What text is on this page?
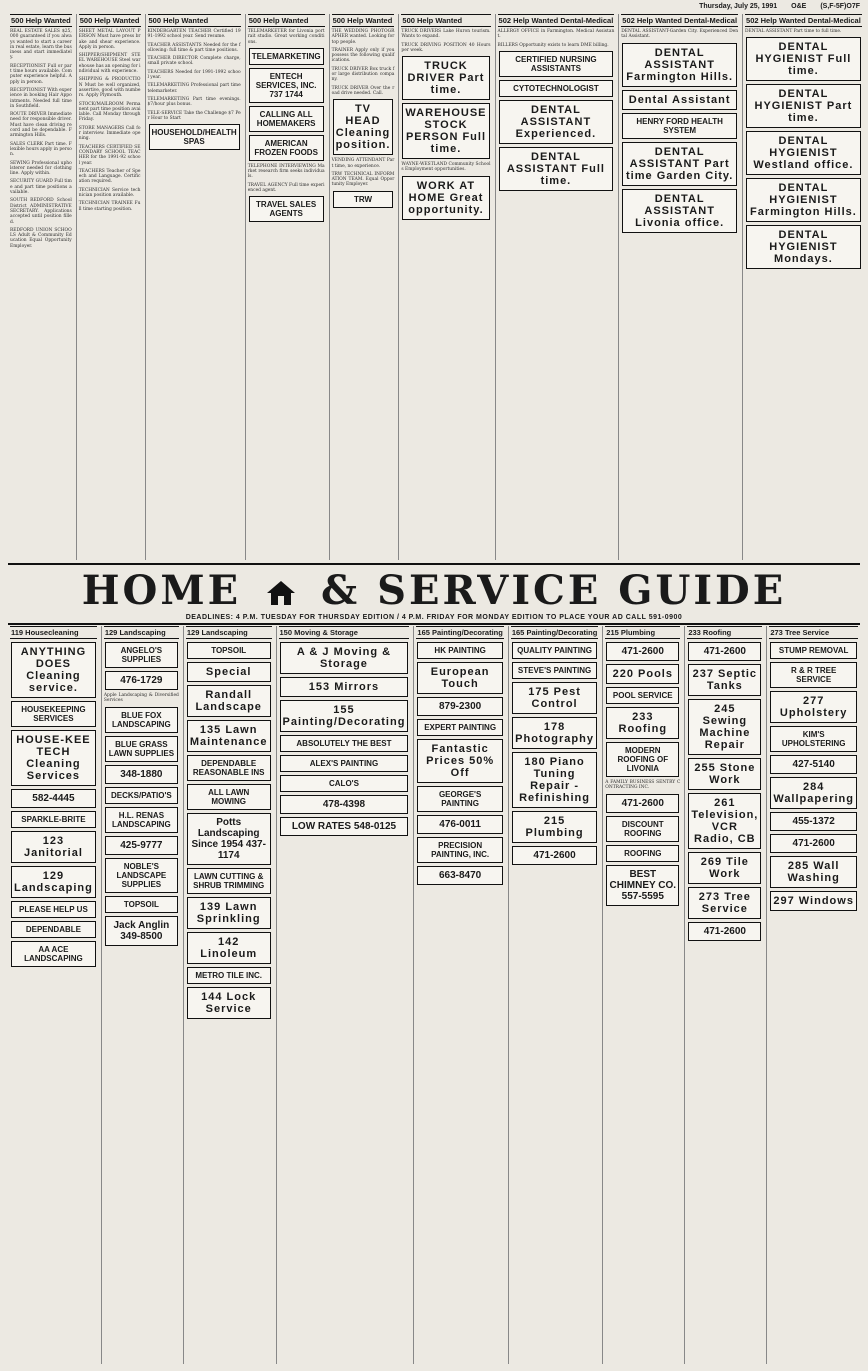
Thursday, July 25, 1991 O&E (S,F-5F)O7F
500 Help Wanted
REAL ESTATE SALES $25,000 guaranteed if you always wanted to start a career in real estate, learn the business and start immediately.
RECEPTIONIST Full or part time hours available. Computer experience helpful. Apply in person.
RECEPTIONIST With experience in booking Hair Appointments. Needed full time in Southfield.
ROUTE DRIVER Immediate need for responsible driver. Must have clean driving record and be dependable. Farmington Hills.
SALES CLERK Part time. Flexible hours apply in person.
SEWING Professional upholsterer needed for clothing line. Apply within.
SECURITY GUARD Full time and part time positions available.
SOUTH REDFORD School District ADMINISTRATIVE SECRETARY. Applications accepted until position filled.
REDFORD UNION SCHOOLS Adult & Community Education Equal Opportunity Employer.
500 Help Wanted
SHEET METAL LAYOUT PERSON Must have press brake and shear experience. Apply in person.
SHIPPER/SHIPMENT STEEL WAREHOUSE Steel warehouse has an opening for individual with experience.
SHIPPING & PRODUCTION Must be well organized, assertive, good with numbers. Apply Plymouth.
STOCK/MAILROOM Permanent part time position available. Call Monday through Friday.
STORE MANAGERS Call for interview. Immediate opening.
TEACHERS CERTIFIED SECONDARY SCHOOL TEACHER for the 1991-92 school year.
TEACHERS Teacher of Speech and Language. Certification required.
TECHNICIAN Service technician position available.
TECHNICIAN TRAINEE Full time starting position.
500 Help Wanted
KINDERGARTEN TEACHER Certified 1991-1992 school year. Send resume.
TEACHER ASSISTANTS Needed for the following: full time & part time positions.
TEACHER DIRECTOR Complete charge, small private school.
TEACHERS Needed for 1991-1992 school year.
TELEMARKETING Professional part time telemarketer.
TELEMARKETING Part time evenings. $7/hour plus bonus.
TELE-SERVICE Take the Challenge $7 Per Hour to Start
HOUSEHOLD/HEALTH SPAS
500 Help Wanted
TELEMARKETER for Livonia portrait studio. Great working conditions.
TELEMARKETING
ENTECH SERVICES, INC. 737 1744
CALLING ALL HOMEMAKERS
AMERICAN FROZEN FOODS
TELEPHONE INTERVIEWING Market research firm seeks individuals.
TRAVEL AGENCY Full time experienced agent.
TRAVEL SALES AGENTS
500 Help Wanted
THE WEDDING PHOTOGRAPHER wanted. Looking for top people.
TRAINER Apply only if you possess the following qualifications.
TRUCK DRIVER Box truck for large distribution company.
TRUCK DRIVER Over the road drive needed. Call.
TV HEAD Cleaning position.
VENDING ATTENDANT Part time, no experience.
TRW TECHNICAL INFORMATION TEAM. Equal Opportunity Employer.
TRW
500 Help Wanted
TRUCK DRIVERS Lake Huron tourism. Wants to expand.
TRUCK DRIVING POSITION 40 Hours per week.
TRUCK DRIVER Part time.
WAREHOUSE STOCK PERSON Full time.
WAYNE-WESTLAND Community Schools Employment opportunities.
WORK AT HOME Great opportunity.
502 Help Wanted Dental-Medical
ALLERGY OFFICE in Farmington. Medical Assistant.
BILLERS Opportunity exists to learn DME billing.
CERTIFIED NURSING ASSISTANTS
CYTOTECHNOLOGIST
DENTAL ASSISTANT Experienced.
DENTAL ASSISTANT Full time.
502 Help Wanted Dental-Medical
DENTAL ASSISTANT-Garden City. Experienced Dental Assistant.
DENTAL ASSISTANT Farmington Hills.
Dental Assistant
HENRY FORD HEALTH SYSTEM
DENTAL ASSISTANT Part time Garden City.
DENTAL ASSISTANT Livonia office.
502 Help Wanted Dental-Medical
DENTAL ASSISTANT Part time to full time.
DENTAL HYGIENIST Full time.
DENTAL HYGIENIST Part time.
DENTAL HYGIENIST Westland office.
DENTAL HYGIENIST Farmington Hills.
DENTAL HYGIENIST Mondays.
HOME & SERVICE GUIDE
DEADLINES: 4 P.M. TUESDAY FOR THURSDAY EDITION / 4 P.M. FRIDAY FOR MONDAY EDITION TO PLACE YOUR AD CALL 591-0900
119 Housecleaning
ANYTHING DOES Cleaning service.
HOUSEKEEPING SERVICES
HOUSE-KEE TECH Cleaning Services
582-4445
SPARKLE-BRITE
123 Janitorial
129 Landscaping
PLEASE HELP US
DEPENDABLE
AA ACE LANDSCAPING
129 Landscaping
ANGELO'S SUPPLIES
476-1729
Apple Landscaping & Diversified Services
BLUE FOX LANDSCAPING
BLUE GRASS LAWN SUPPLIES
348-1880
DECKS/PATIO'S
H.L. RENAS LANDSCAPING
425-9777
NOBLE'S LANDSCAPE SUPPLIES
TOPSOIL
Jack Anglin 349-8500
129 Landscaping
TOPSOIL
Special
Randall Landscape
135 Lawn Maintenance
DEPENDABLE REASONABLE INS
ALL LAWN MOWING
Potts Landscaping Since 1954 437-1174
LAWN CUTTING & SHRUB TRIMMING
139 Lawn Sprinkling
142 Linoleum
METRO TILE INC.
144 Lock Service
150 Moving & Storage
A & J Moving & Storage
153 Mirrors
155 Painting/Decorating
ABSOLUTELY THE BEST
ALEX'S PAINTING
CALO'S
478-4398
LOW RATES 548-0125
165 Painting/Decorating
HK PAINTING
European Touch
879-2300
EXPERT PAINTING
Fantastic Prices 50% Off
GEORGE'S PAINTING
476-0011
PRECISION PAINTING, INC.
663-8470
165 Painting/Decorating
QUALITY PAINTING
STEVE'S PAINTING
175 Pest Control
178 Photography
180 Piano Tuning Repair - Refinishing
215 Plumbing
471-2600
215 Plumbing
471-2600
220 Pools
POOL SERVICE
233 Roofing
MODERN ROOFING OF LIVONIA
A FAMILY BUSINESS SENTRY CONTRACTING INC.
471-2600
DISCOUNT ROOFING
ROOFING
BEST CHIMNEY CO. 557-5595
233 Roofing
471-2600
237 Septic Tanks
245 Sewing Machine Repair
255 Stone Work
261 Television, VCR Radio, CB
269 Tile Work
273 Tree Service
471-2600
273 Tree Service
STUMP REMOVAL
R & R TREE SERVICE
277 Upholstery
KIM'S UPHOLSTERING
427-5140
284 Wallpapering
455-1372
471-2600
285 Wall Washing
297 Windows
